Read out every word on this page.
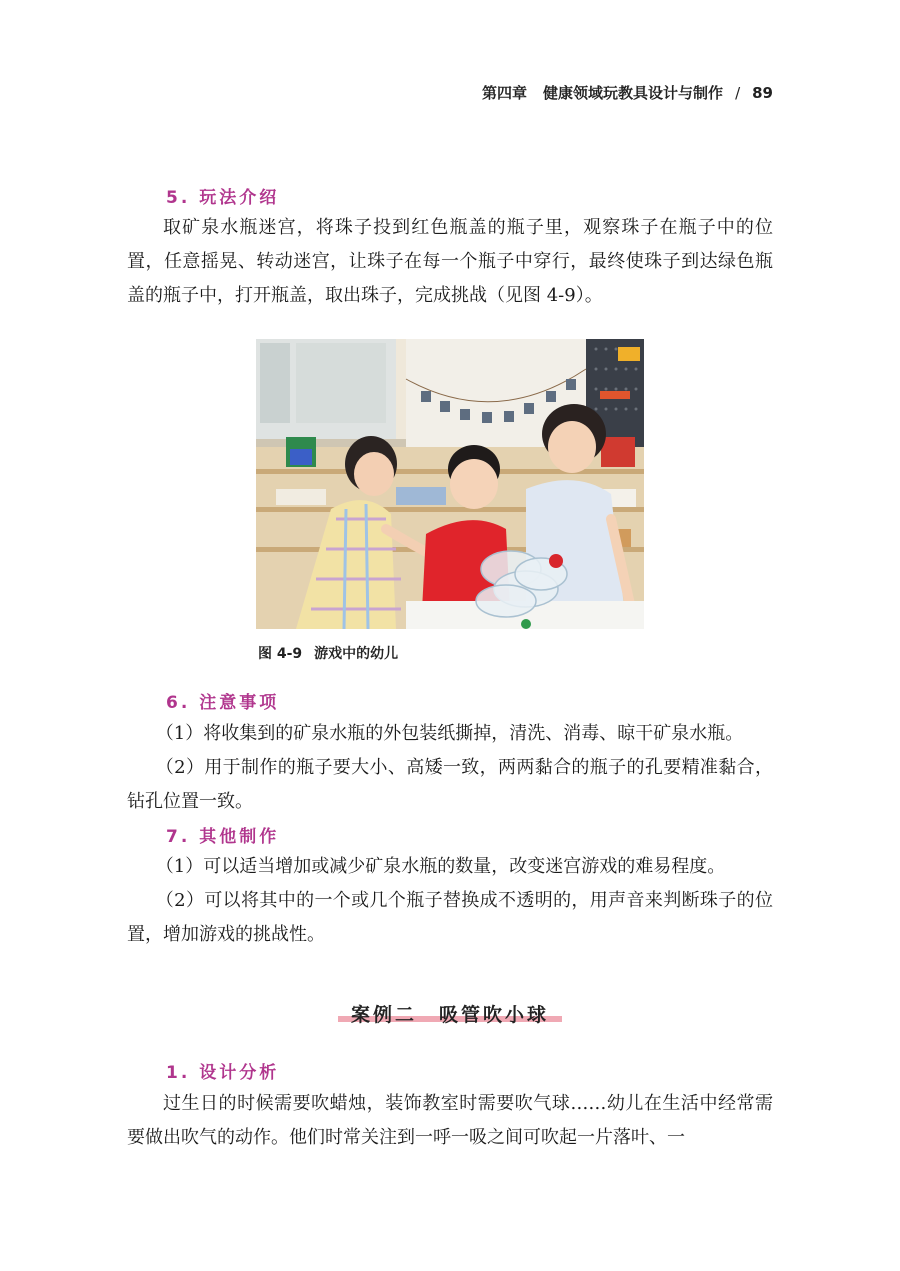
第四章 健康领域玩教具设计与制作 / 89
5. 玩法介绍

取矿泉水瓶迷宫，将珠子投到红色瓶盖的瓶子里，观察珠子在瓶子中的位置，任意摇晃、转动迷宫，让珠子在每一个瓶子中穿行，最终使珠子到达绿色瓶盖的瓶子中，打开瓶盖，取出珠子，完成挑战（见图 4-9）。

图 4-9 游戏中的幼儿
6. 注意事项

（1）将收集到的矿泉水瓶的外包装纸撕掉，清洗、消毒、晾干矿泉水瓶。

（2）用于制作的瓶子要大小、高矮一致，两两黏合的瓶子的孔要精准黏合，钻孔位置一致。

7. 其他制作

（1）可以适当增加或减少矿泉水瓶的数量，改变迷宫游戏的难易程度。

（2）可以将其中的一个或几个瓶子替换成不透明的，用声音来判断珠子的位置，增加游戏的挑战性。

案例二 吸管吹小球
1. 设计分析

过生日的时候需要吹蜡烛，装饰教室时需要吹气球……幼儿在生活中经常需要做出吹气的动作。他们时常关注到一呼一吸之间可吹起一片落叶、一
